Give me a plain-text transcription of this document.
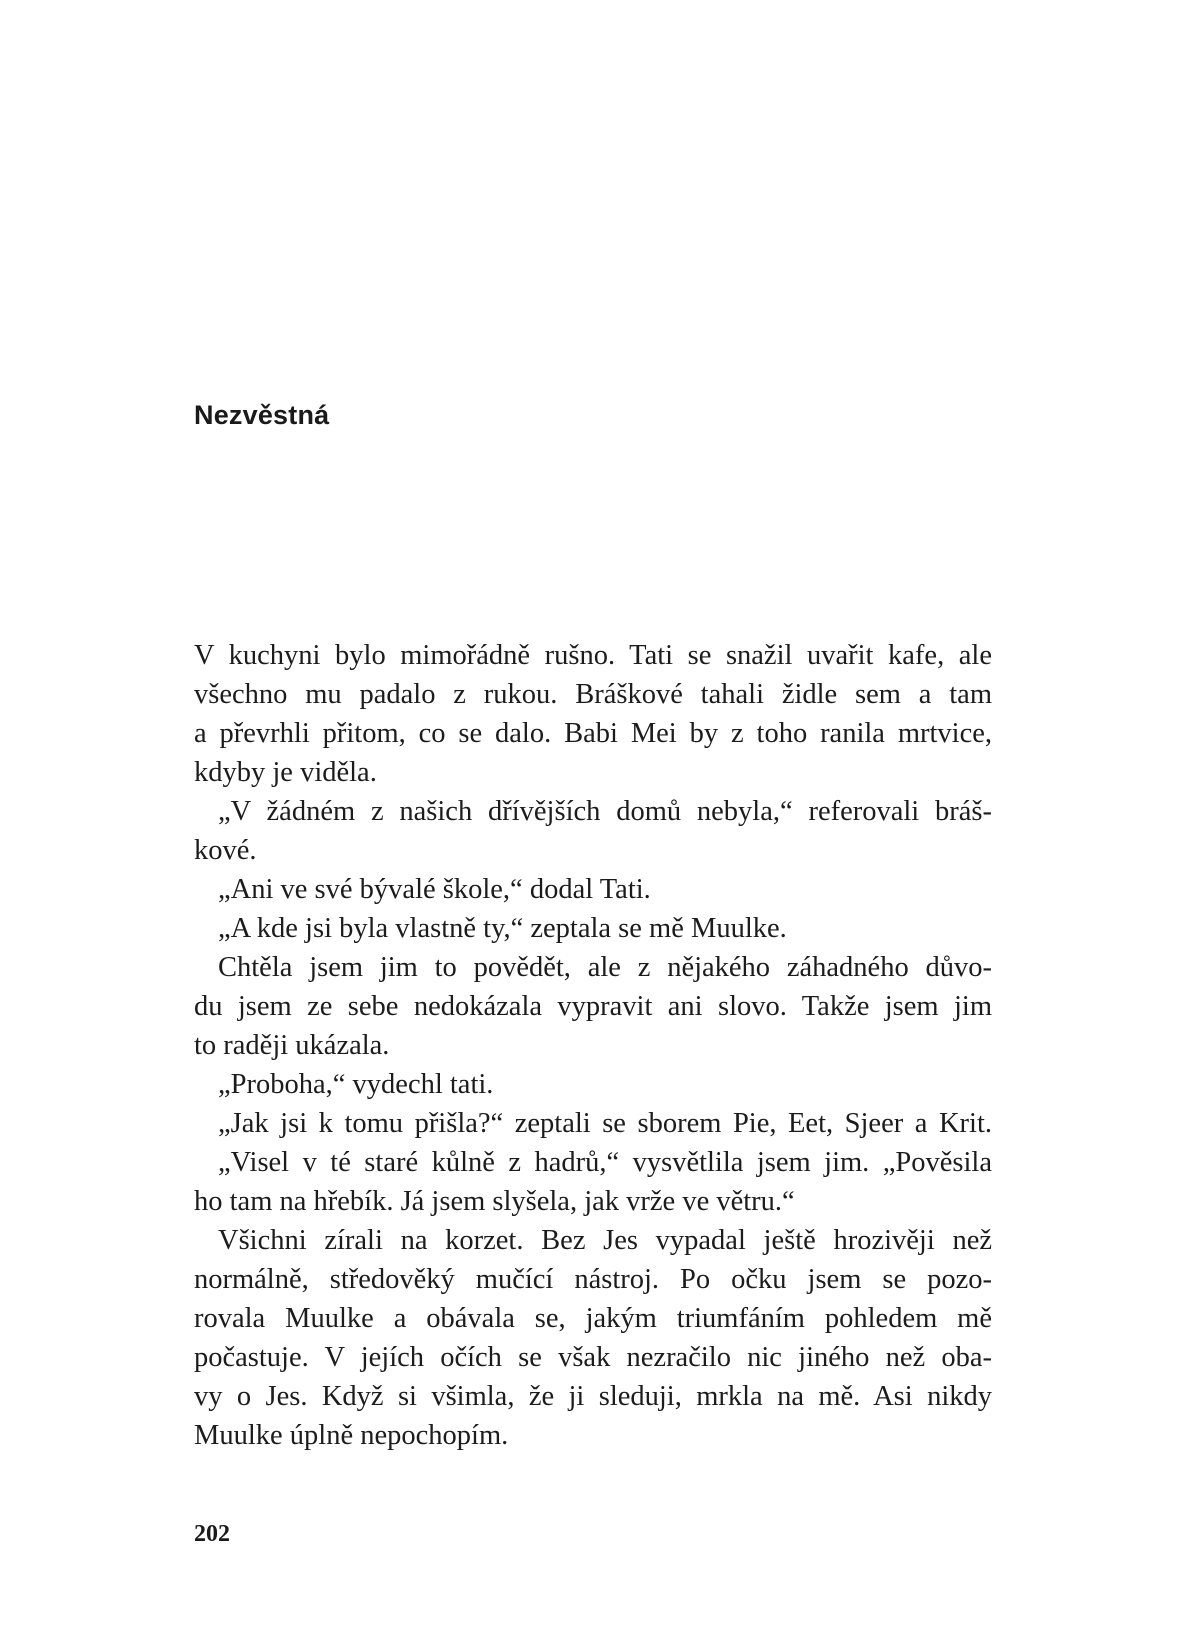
Nezvěstná

V kuchyni bylo mimořádně rušno. Tati se snažil uvařit kafe, ale
všechno mu padalo z rukou. Bráškové tahali židle sem a tam
a převrhli přitom, co se dalo. Babi Mei by z toho ranila mrtvice,
kdyby je viděla.

„V žádném z našich dřívějších domů nebyla,“ referovali bráš-
kové.

„Ani ve své bývalé škole,“ dodal Tati.

„A kde jsi byla vlastně ty,“ zeptala se mě Muulke.

Chtěla jsem jim to povědět, ale z nějakého záhadného důvo-
du jsem ze sebe nedokázala vypravit ani slovo. Takže jsem jim
to raději ukázala.

„Proboha,“ vydechl tati.

„Jak jsi k tomu přišla?“ zeptali se sborem Pie, Eet, Sjeer a Krit.

„Visel v té staré kůlně z hadrů,“ vysvětlila jsem jim. „Pověsila
ho tam na hřebík. Já jsem slyšela, jak vrže ve větru.“

Všichni zírali na korzet. Bez Jes vypadal ještě hrozivěji než
normálně, středověký mučící nástroj. Po očku jsem se pozo-
rovala Muulke a obávala se, jakým triumfáním pohledem mě
počastuje. V jejích očích se však nezračilo nic jiného než oba-
vy o Jes. Když si všimla, že ji sleduji, mrkla na mě. Asi nikdy
Muulke úplně nepochopím.

202
